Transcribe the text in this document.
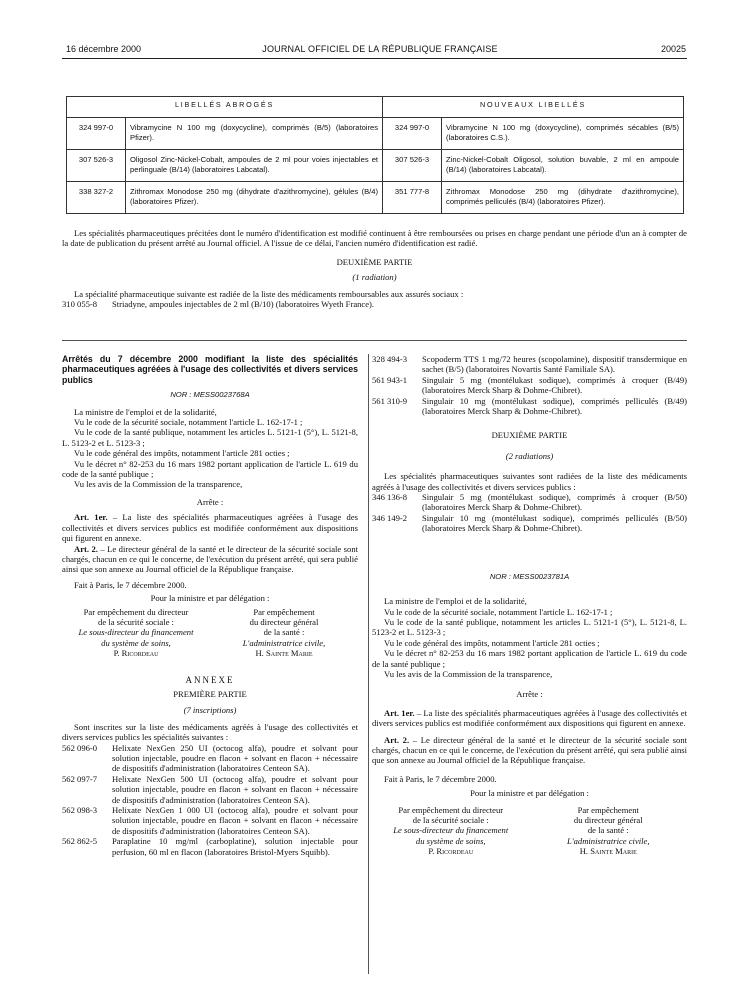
16 décembre 2000	JOURNAL OFFICIEL DE LA RÉPUBLIQUE FRANÇAISE	20025
LIBELLÉS ABROGÉS		NOUVEAUX LIBELLÉS	
324 997-0	Vibramycine N 100 mg (doxycycline), comprimés (B/5) (laboratoires Pfizer).	324 997-0	Vibramycine N 100 mg (doxycycline), comprimés sécables (B/5) (laboratoires C.S.).
307 526-3	Oligosol Zinc-Nickel-Cobalt, ampoules de 2 ml pour voies injectables et perlinguale (B/14) (laboratoires Labcatal).	307 526-3	Zinc-Nickel-Cobalt Oligosol, solution buvable, 2 ml en ampoule (B/14) (laboratoires Labcatal).
338 327-2	Zithromax Monodose 250 mg (dihydrate d'azithromycine), gélules (B/4) (laboratoires Pfizer).	351 777-8	Zithromax Monodose 250 mg (dihydrate d'azithromycine), comprimés pelliculés (B/4) (laboratoires Pfizer).

Les spécialités pharmaceutiques précitées dont le numéro d'identification est modifié continuent à être remboursées ou prises en charge pendant une période d'un an à compter de la date de publication du présent arrêté au Journal officiel. A l'issue de ce délai, l'ancien numéro d'identification est radié.

DEUXIÈME PARTIE

(1 radiation)

La spécialité pharmaceutique suivante est radiée de la liste des médicaments remboursables aux assurés sociaux :

310 055-8	Striadyne, ampoules injectables de 2 ml (B/10) (laboratoires Wyeth France).

Arrêtés du 7 décembre 2000 modifiant la liste des spécialités pharmaceutiques agréées à l'usage des collectivités et divers services publics

NOR : MESS0023768A

La ministre de l'emploi et de la solidarité,

Vu le code de la sécurité sociale, notamment l'article L. 162-17-1 ;

Vu le code de la santé publique, notamment les articles L. 5121-1 (5°), L. 5121-8, L. 5123-2 et L. 5123-3 ;

Vu le code général des impôts, notamment l'article 281 octies ;

Vu le décret n° 82-253 du 16 mars 1982 portant application de l'article L. 619 du code de la santé publique ;

Vu les avis de la Commission de la transparence,

Arrête :

Art. 1er. – La liste des spécialités pharmaceutiques agréées à l'usage des collectivités et divers services publics est modifiée conformément aux dispositions qui figurent en annexe.

Art. 2. – Le directeur général de la santé et le directeur de la sécurité sociale sont chargés, chacun en ce qui le concerne, de l'exécution du présent arrêté, qui sera publié ainsi que son annexe au Journal officiel de la République française.

Fait à Paris, le 7 décembre 2000.

Pour la ministre et par délégation :

Par empêchement du directeur
de la sécurité sociale :
Le sous-directeur du financement
du système de soins,
P. Ricordeau
Par empêchement
du directeur général
de la santé :
L'administratrice civile,
H. Sainte Marie

ANNEXE

PREMIÈRE PARTIE

(7 inscriptions)

Sont inscrites sur la liste des médicaments agréés à l'usage des collectivités et divers services publics les spécialités suivantes :

562 096-0	Helixate NexGen 250 UI (octocog alfa), poudre et solvant pour solution injectable, poudre en flacon + solvant en flacon + nécessaire de dispositifs d'administration (laboratoires Centeon SA).
562 097-7	Helixate NexGen 500 UI (octocog alfa), poudre et solvant pour solution injectable, poudre en flacon + solvant en flacon + nécessaire de dispositifs d'administration (laboratoires Centeon SA).
562 098-3	Helixate NexGen 1 000 UI (octocog alfa), poudre et solvant pour solution injectable, poudre en flacon + solvant en flacon + nécessaire de dispositifs d'administration (laboratoires Centeon SA).
562 862-5	Paraplatine 10 mg/ml (carboplatine), solution injectable pour perfusion, 60 ml en flacon (laboratoires Bristol-Myers Squibb).
328 494-3	Scopoderm TTS 1 mg/72 heures (scopolamine), dispositif transdermique en sachet (B/5) (laboratoires Novartis Santé Familiale SA).
561 943-1	Singulair 5 mg (montélukast sodique), comprimés à croquer (B/49) (laboratoires Merck Sharp & Dohme-Chibret).
561 310-9	Singulair 10 mg (montélukast sodique), comprimés pelliculés (B/49) (laboratoires Merck Sharp & Dohme-Chibret).

DEUXIÈME PARTIE

(2 radiations)

Les spécialités pharmaceutiques suivantes sont radiées de la liste des médicaments agréés à l'usage des collectivités et divers services publics :

346 136-8	Singulair 5 mg (montélukast sodique), comprimés à croquer (B/50) (laboratoires Merck Sharp & Dohme-Chibret).
346 149-2	Singulair 10 mg (montélukast sodique), comprimés pelliculés (B/50) (laboratoires Merck Sharp & Dohme-Chibret).

NOR : MESS0023781A

La ministre de l'emploi et de la solidarité,

Vu le code de la sécurité sociale, notamment l'article L. 162-17-1 ;

Vu le code de la santé publique, notamment les articles L. 5121-1 (5°), L. 5121-8, L. 5123-2 et L. 5123-3 ;

Vu le code général des impôts, notamment l'article 281 octies ;

Vu le décret n° 82-253 du 16 mars 1982 portant application de l'article L. 619 du code de la santé publique ;

Vu les avis de la Commission de la transparence,

Arrête :

Art. 1er. – La liste des spécialités pharmaceutiques agréées à l'usage des collectivités et divers services publics est modifiée conformément aux dispositions qui figurent en annexe.

Art. 2. – Le directeur général de la santé et le directeur de la sécurité sociale sont chargés, chacun en ce qui le concerne, de l'exécution du présent arrêté, qui sera publié ainsi que son annexe au Journal officiel de la République française.

Fait à Paris, le 7 décembre 2000.

Pour la ministre et par délégation :

Par empêchement du directeur
de la sécurité sociale :
Le sous-directeur du financement
du système de soins,
P. Ricordeau
Par empêchement
du directeur général
de la santé :
L'administratrice civile,
H. Sainte Marie
